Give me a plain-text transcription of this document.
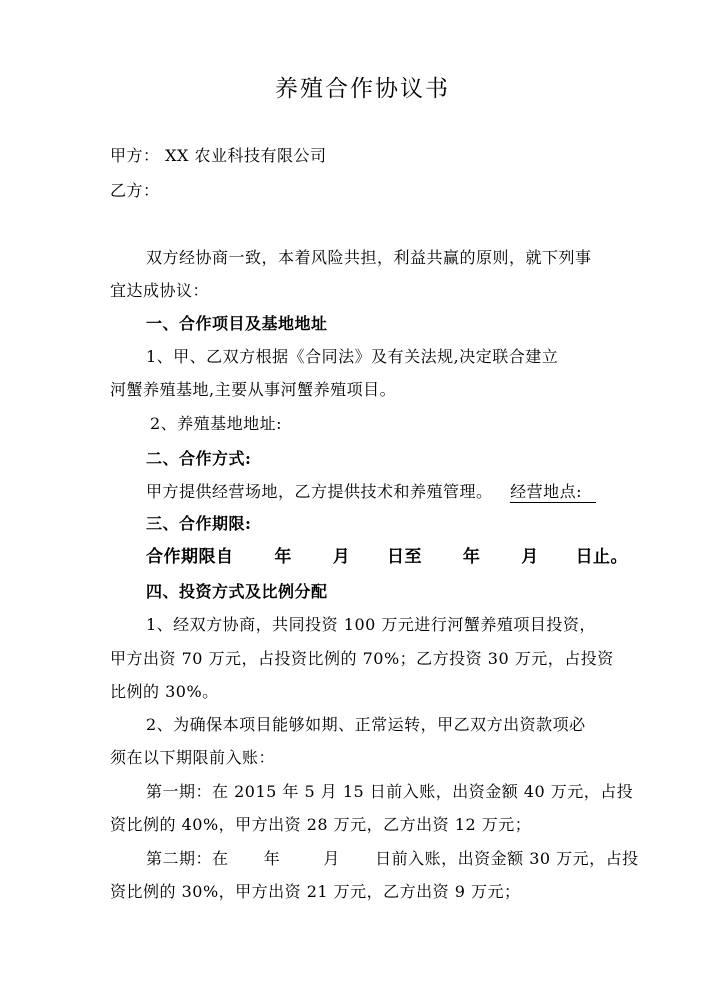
养殖合作协议书
甲方： XX 农业科技有限公司
乙方：
双方经协商一致，本着风险共担，利益共赢的原则，就下列事
宜达成协议：
一、合作项目及基地地址
1、甲、乙双方根据《合同法》及有关法规,决定联合建立
河蟹养殖基地,主要从事河蟹养殖项目。
2、养殖基地地址:
二、合作方式:
甲方提供经营场地，乙方提供技术和养殖管理。 经营地点:
三、合作期限:
合作期限自 年 月 日至 年 月 日止。
四、投资方式及比例分配
1、经双方协商，共同投资 100 万元进行河蟹养殖项目投资，
甲方出资 70 万元，占投资比例的 70%；乙方投资 30 万元，占投资
比例的 30%。
2、为确保本项目能够如期、正常运转，甲乙双方出资款项必
须在以下期限前入账：
第一期：在 2015 年 5 月 15 日前入账，出资金额 40 万元，占投
资比例的 40%，甲方出资 28 万元，乙方出资 12 万元；
第二期：在 年	月 日前入账，出资金额 30 万元，占投
资比例的 30%，甲方出资 21 万元，乙方出资 9 万元；
